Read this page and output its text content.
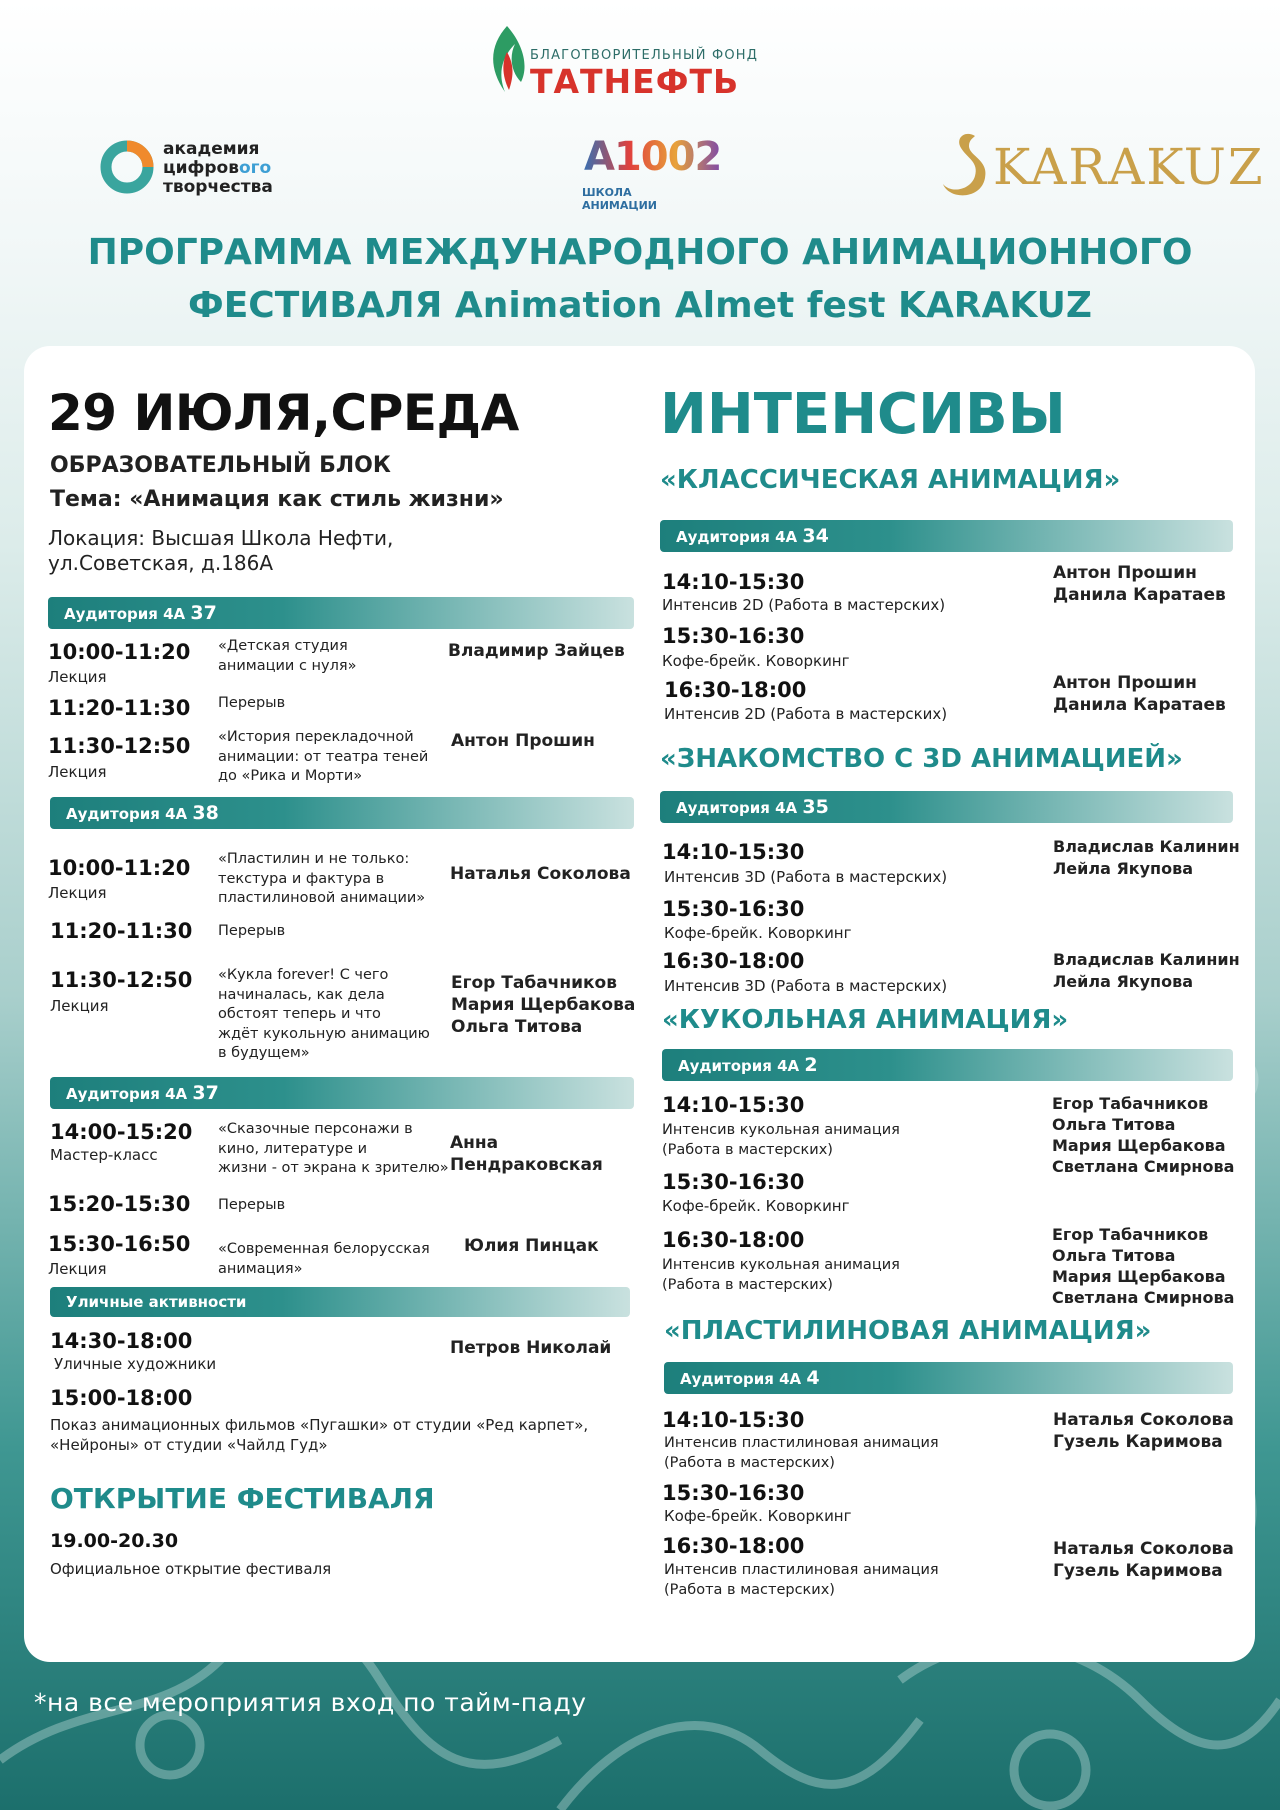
БЛАГОТВОРИТЕЛЬНЫЙ ФОНД
ТАТНЕФТЬ
академия
цифрового
творчества
A1002
ШКОЛА АНИМАЦИИ
KARAKUZ
ПРОГРАММА МЕЖДУНАРОДНОГО АНИМАЦИОННОГО
ФЕСТИВАЛЯ Animation Almet fest KARAKUZ
29 ИЮЛЯ,СРЕДА
ОБРАЗОВАТЕЛЬНЫЙ БЛОК
Тема: «Анимация как стиль жизни»
Локация: Высшая Школа Нефти,
ул.Советская, д.186А
Аудитория 4А 37
10:00-11:20
Лекция
«Детская студия
анимации с нуля»
Владимир Зайцев
11:20-11:30 Перерыв
11:30-12:50
Лекция
«История перекладочной
анимации: от театра теней
до «Рика и Морти»
Антон Прошин
Аудитория 4А 38
10:00-11:20
Лекция
«Пластилин и не только:
текстура и фактура в
пластилиновой анимации»
Наталья Соколова
11:20-11:30 Перерыв
11:30-12:50
Лекция
«Кукла forever! С чего
начиналась, как дела
обстоят теперь и что
ждёт кукольную анимацию
в будущем»
Егор Табачников
Мария Щербакова
Ольга Титова
Аудитория 4А 37
14:00-15:20
Мастер-класс
«Сказочные персонажи в
кино, литературе и
жизни - от экрана к зрителю»
Анна Пендраковская
15:20-15:30 Перерыв
15:30-16:50
Лекция
«Современная белорусская
анимация»
Юлия Пинцак
Уличные активности
14:30-18:00
Уличные художники
Петров Николай
15:00-18:00
Показ анимационных фильмов «Пугашки» от студии «Ред карпет»,
«Нейроны» от студии «Чайлд Гуд»
ОТКРЫТИЕ ФЕСТИВАЛЯ
19.00-20.30
Официальное открытие фестиваля
ИНТЕНСИВЫ
«КЛАССИЧЕСКАЯ АНИМАЦИЯ»
Аудитория 4А 34
14:10-15:30
Интенсив 2D (Работа в мастерских)
Антон Прошин
Данила Каратаев
15:30-16:30
Кофе-брейк. Коворкинг
16:30-18:00
Интенсив 2D (Работа в мастерских)
Антон Прошин
Данила Каратаев
«ЗНАКОМСТВО С 3D АНИМАЦИЕЙ»
Аудитория 4А 35
14:10-15:30
Интенсив 3D (Работа в мастерских)
Владислав Калинин
Лейла Якупова
15:30-16:30
Кофе-брейк. Коворкинг
16:30-18:00
Интенсив 3D (Работа в мастерских)
Владислав Калинин
Лейла Якупова
«КУКОЛЬНАЯ АНИМАЦИЯ»
Аудитория 4А 2
14:10-15:30
Интенсив кукольная анимация
(Работа в мастерских)
Егор Табачников
Ольга Титова
Мария Щербакова
Светлана Смирнова
15:30-16:30
Кофе-брейк. Коворкинг
16:30-18:00
Интенсив кукольная анимация
(Работа в мастерских)
Егор Табачников
Ольга Титова
Мария Щербакова
Светлана Смирнова
«ПЛАСТИЛИНОВАЯ АНИМАЦИЯ»
Аудитория 4А 4
14:10-15:30
Интенсив пластилиновая анимация
(Работа в мастерских)
Наталья Соколова
Гузель Каримова
15:30-16:30
Кофе-брейк. Коворкинг
16:30-18:00
Интенсив пластилиновая анимация
(Работа в мастерских)
Наталья Соколова
Гузель Каримова
*на все мероприятия вход по тайм-паду
